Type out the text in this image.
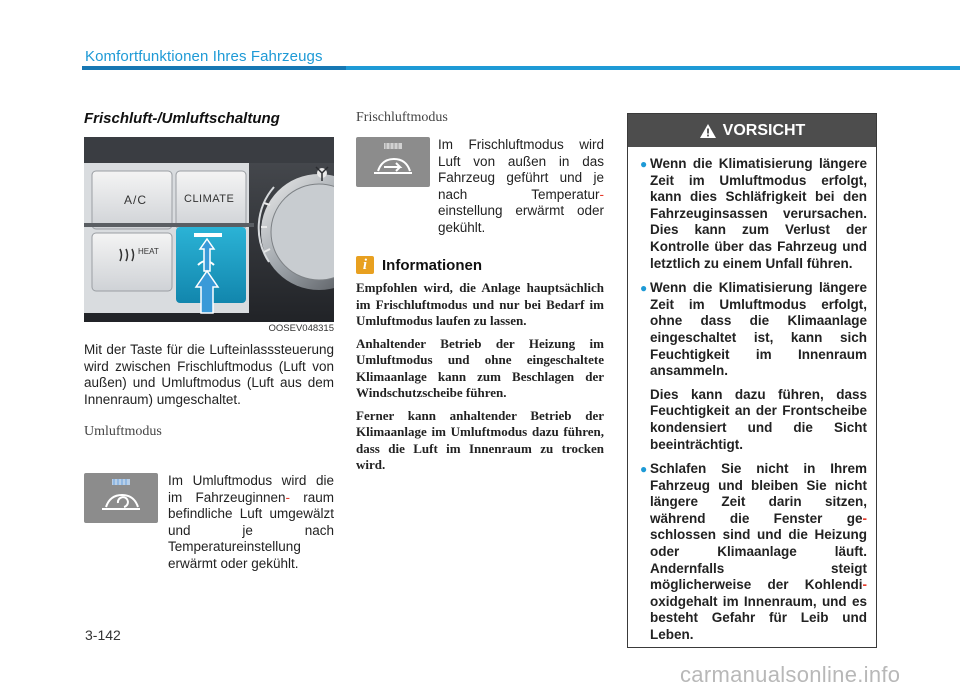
Komfortfunktionen Ihres Fahrzeugs
Frischluft-/Umluftschaltung
A/C	CLIMATE
HEAT
OOSEV048315
Mit der Taste für die Lufteinlasssteuerung wird zwischen Frischluftmodus (Luft von außen) und Umluftmodus (Luft aus dem Innenraum) umgeschaltet.
Umluftmodus
Im Umluftmodus wird die im Fahrzeuginnen- raum befindliche Luft umgewälzt und je nach Temperatureinstellung erwärmt oder gekühlt.
Frischluftmodus
Im Frischluftmodus wird Luft von außen in das Fahrzeug geführt und je nach Temperatur- einstellung erwärmt oder gekühlt.
i Informationen
Empfohlen wird, die Anlage hauptsächlich im Frischluftmodus und nur bei Bedarf im Umluftmodus laufen zu lassen.
Anhaltender Betrieb der Heizung im Umluftmodus und ohne eingeschaltete Klimaanlage kann zum Beschlagen der Windschutzscheibe führen.
Ferner kann anhaltender Betrieb der Klimaanlage im Umluftmodus dazu führen, dass die Luft im Innenraum zu trocken wird.
VORSICHT
● Wenn die Klimatisierung längere Zeit im Umluftmodus erfolgt, kann dies Schläfrigkeit bei den Fahrzeuginsassen verursachen. Dies kann zum Verlust der Kontrolle über das Fahrzeug und letztlich zu einem Unfall führen.

● Wenn die Klimatisierung längere Zeit im Umluftmodus erfolgt, ohne dass die Klimaanlage eingeschaltet ist, kann sich Feuchtigkeit im Innenraum ansammeln.

Dies kann dazu führen, dass Feuchtigkeit an der Frontscheibe kondensiert und die Sicht beeinträchtigt.

● Schlafen Sie nicht in Ihrem Fahrzeug und bleiben Sie nicht längere Zeit darin sitzen, während die Fenster ge- schlossen sind und die Heizung oder Klimaanlage läuft. Andernfalls steigt möglicherweise der Kohlendi- oxidgehalt im Innenraum, und es besteht Gefahr für Leib und Leben.

3-142
carmanualsonline.info
